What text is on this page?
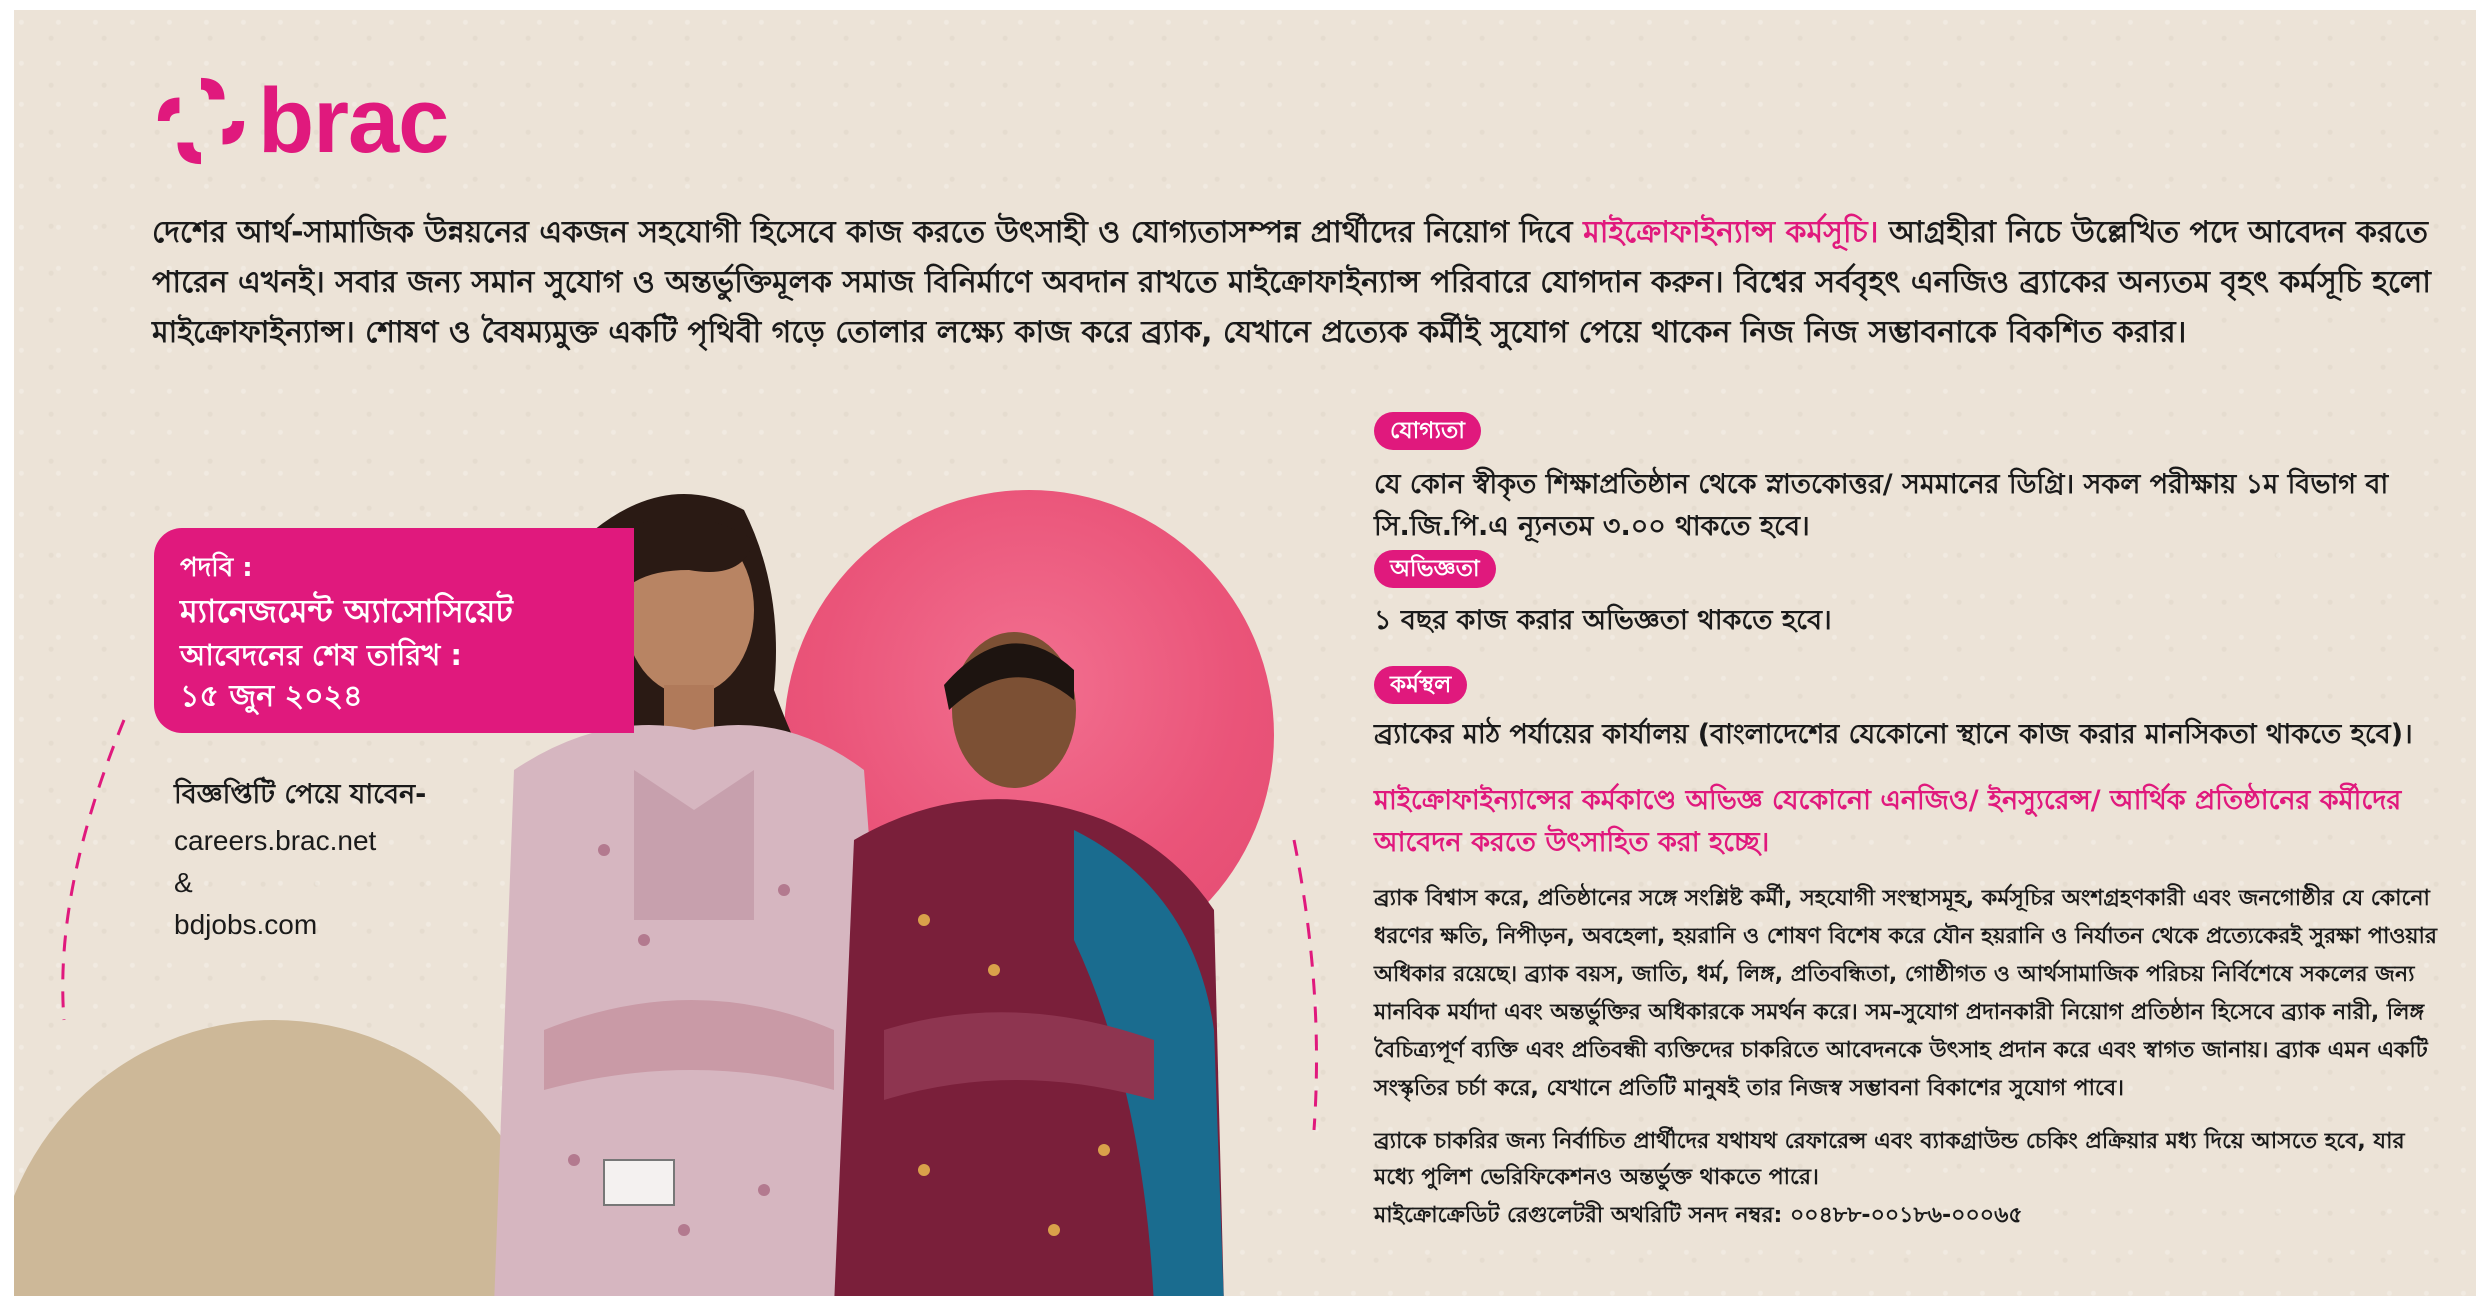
brac
দেশের আর্থ-সামাজিক উন্নয়নের একজন সহযোগী হিসেবে কাজ করতে উৎসাহী ও যোগ্যতাসম্পন্ন প্রার্থীদের নিয়োগ দিবে মাইক্রোফাইন্যান্স কর্মসূচি। আগ্রহীরা নিচে উল্লেখিত পদে আবেদন করতে পারেন এখনই। সবার জন্য সমান সুযোগ ও অন্তর্ভুক্তিমূলক সমাজ বিনির্মাণে অবদান রাখতে মাইক্রোফাইন্যান্স পরিবারে যোগদান করুন। বিশ্বের সর্ববৃহৎ এনজিও ব্র্যাকের অন্যতম বৃহৎ কর্মসূচি হলো মাইক্রোফাইন্যান্স। শোষণ ও বৈষম্যমুক্ত একটি পৃথিবী গড়ে তোলার লক্ষ্যে কাজ করে ব্র্যাক, যেখানে প্রত্যেক কর্মীই সুযোগ পেয়ে থাকেন নিজ নিজ সম্ভাবনাকে বিকশিত করার।
পদবি :
ম্যানেজমেন্ট অ্যাসোসিয়েট
আবেদনের শেষ তারিখ :
১৫ জুন ২০২৪
বিজ্ঞপ্তিটি পেয়ে যাবেন-
careers.brac.net
&
bdjobs.com
যোগ্যতা
যে কোন স্বীকৃত শিক্ষাপ্রতিষ্ঠান থেকে স্নাতকোত্তর/ সমমানের ডিগ্রি। সকল পরীক্ষায় ১ম বিভাগ বা সি.জি.পি.এ ন্যূনতম ৩.০০ থাকতে হবে।
অভিজ্ঞতা
১ বছর কাজ করার অভিজ্ঞতা থাকতে হবে।
কর্মস্থল
ব্র্যাকের মাঠ পর্যায়ের কার্যালয় (বাংলাদেশের যেকোনো স্থানে কাজ করার মানসিকতা থাকতে হবে)।
মাইক্রোফাইন্যান্সের কর্মকাণ্ডে অভিজ্ঞ যেকোনো এনজিও/ ইনস্যুরেন্স/ আর্থিক প্রতিষ্ঠানের কর্মীদের আবেদন করতে উৎসাহিত করা হচ্ছে।
ব্র্যাক বিশ্বাস করে, প্রতিষ্ঠানের সঙ্গে সংশ্লিষ্ট কর্মী, সহযোগী সংস্থাসমূহ, কর্মসূচির অংশগ্রহণকারী এবং জনগোষ্ঠীর যে কোনো ধরণের ক্ষতি, নিপীড়ন, অবহেলা, হয়রানি ও শোষণ বিশেষ করে যৌন হয়রানি ও নির্যাতন থেকে প্রত্যেকেরই সুরক্ষা পাওয়ার অধিকার রয়েছে। ব্র্যাক বয়স, জাতি, ধর্ম, লিঙ্গ, প্রতিবন্ধিতা, গোষ্ঠীগত ও আর্থসামাজিক পরিচয় নির্বিশেষে সকলের জন্য মানবিক মর্যাদা এবং অন্তর্ভুক্তির অধিকারকে সমর্থন করে। সম-সুযোগ প্রদানকারী নিয়োগ প্রতিষ্ঠান হিসেবে ব্র্যাক নারী, লিঙ্গ বৈচিত্র্যপূর্ণ ব্যক্তি এবং প্রতিবন্ধী ব্যক্তিদের চাকরিতে আবেদনকে উৎসাহ প্রদান করে এবং স্বাগত জানায়। ব্র্যাক এমন একটি সংস্কৃতির চর্চা করে, যেখানে প্রতিটি মানুষই তার নিজস্ব সম্ভাবনা বিকাশের সুযোগ পাবে।
ব্র্যাকে চাকরির জন্য নির্বাচিত প্রার্থীদের যথাযথ রেফারেন্স এবং ব্যাকগ্রাউন্ড চেকিং প্রক্রিয়ার মধ্য দিয়ে আসতে হবে, যার মধ্যে পুলিশ ভেরিফিকেশনও অন্তর্ভুক্ত থাকতে পারে।
মাইক্রোক্রেডিট রেগুলেটরী অথরিটি সনদ নম্বর: ০০৪৮৮-০০১৮৬-০০০৬৫
